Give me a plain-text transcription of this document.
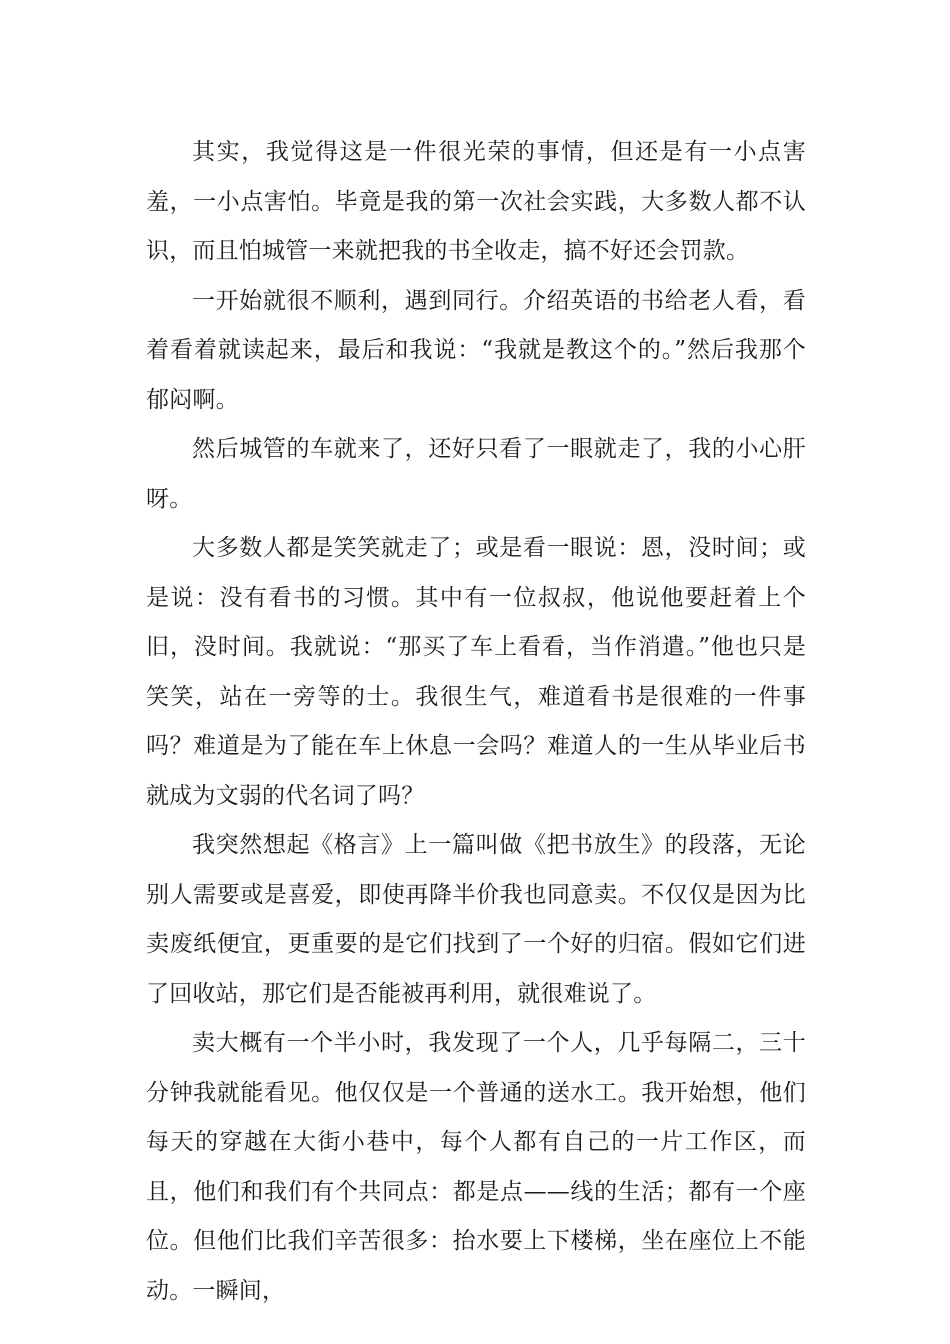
其实，我觉得这是一件很光荣的事情，但还是有一小点害羞，一小点害怕。毕竟是我的第一次社会实践，大多数人都不认识，而且怕城管一来就把我的书全收走，搞不好还会罚款。

一开始就很不顺利，遇到同行。介绍英语的书给老人看，看着看着就读起来，最后和我说：“我就是教这个的。”然后我那个郁闷啊。

然后城管的车就来了，还好只看了一眼就走了，我的小心肝呀。

大多数人都是笑笑就走了；或是看一眼说：恩，没时间；或是说：没有看书的习惯。其中有一位叔叔，他说他要赶着上个旧，没时间。我就说：“那买了车上看看，当作消遣。”他也只是笑笑，站在一旁等的士。我很生气，难道看书是很难的一件事吗？难道是为了能在车上休息一会吗？难道人的一生从毕业后书就成为文弱的代名词了吗？

我突然想起《格言》上一篇叫做《把书放生》的段落，无论别人需要或是喜爱，即使再降半价我也同意卖。不仅仅是因为比卖废纸便宜，更重要的是它们找到了一个好的归宿。假如它们进了回收站，那它们是否能被再利用，就很难说了。

卖大概有一个半小时，我发现了一个人，几乎每隔二，三十分钟我就能看见。他仅仅是一个普通的送水工。我开始想，他们每天的穿越在大街小巷中，每个人都有自己的一片工作区，而且，他们和我们有个共同点：都是点——线的生活；都有一个座位。但他们比我们辛苦很多：抬水要上下楼梯，坐在座位上不能动。一瞬间，
